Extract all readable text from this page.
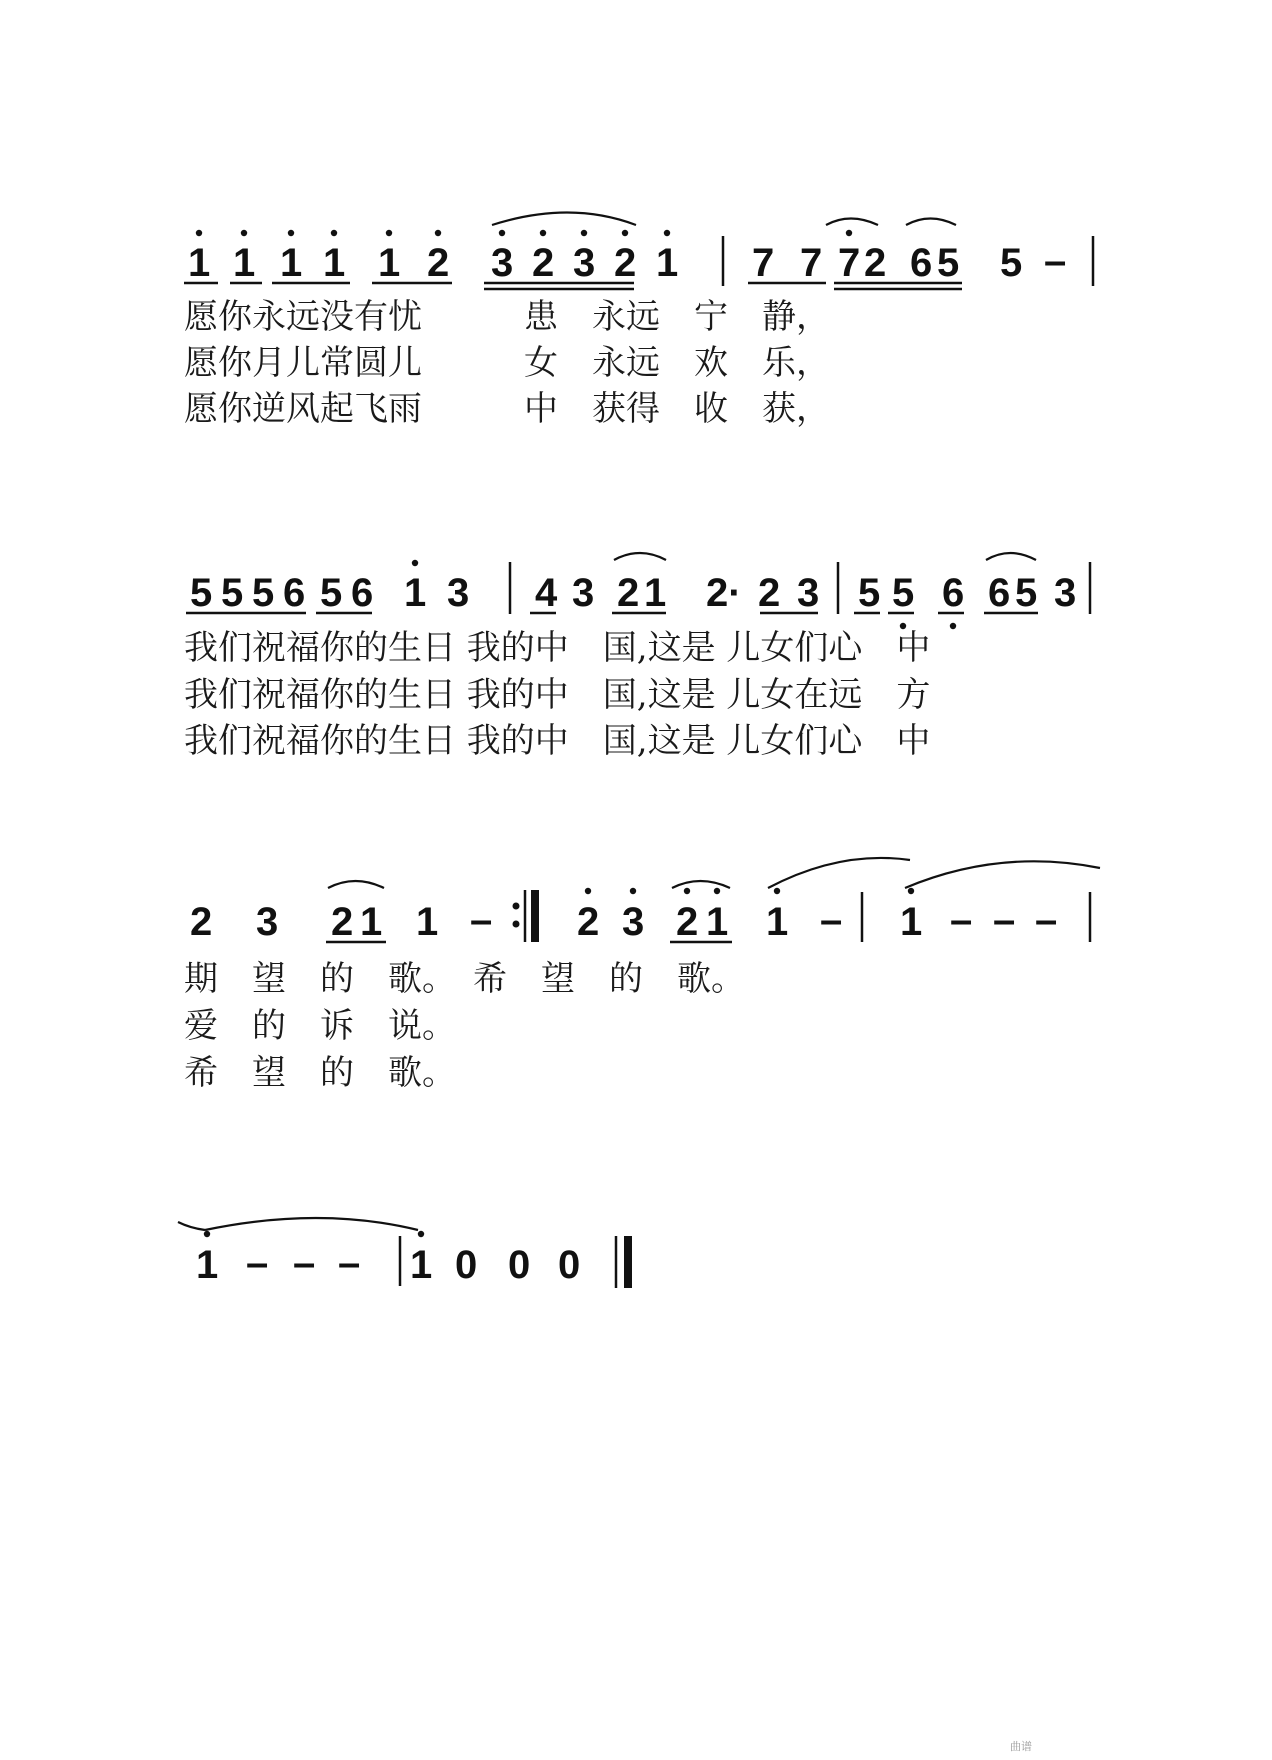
1 1 1 1 1 2 3 2 3 2 1 7 7 7 2 6 5 5 –
愿你永远没有忧　　　患　永远　宁　静，
愿你月儿常圆儿　　　女　永远　欢　乐，
愿你逆风起飞雨　　　中　获得　收　获，
5 5 5 6 5 6 1 3 4 3 2 1 2· 2 3 5 5 6 6 5 3
我们祝福你的生日 我的中　国,这是 儿女们心　中
我们祝福你的生日 我的中　国,这是 儿女在远　方
我们祝福你的生日 我的中　国,这是 儿女们心　中
2 3 2 1 1 – 2 3 2 1 1 – 1 – – –
期　望　的　歌。　希　望　的　歌。
爱　的　诉　说。
希　望　的　歌。
1 – – – 1 0 0 0
曲谱
